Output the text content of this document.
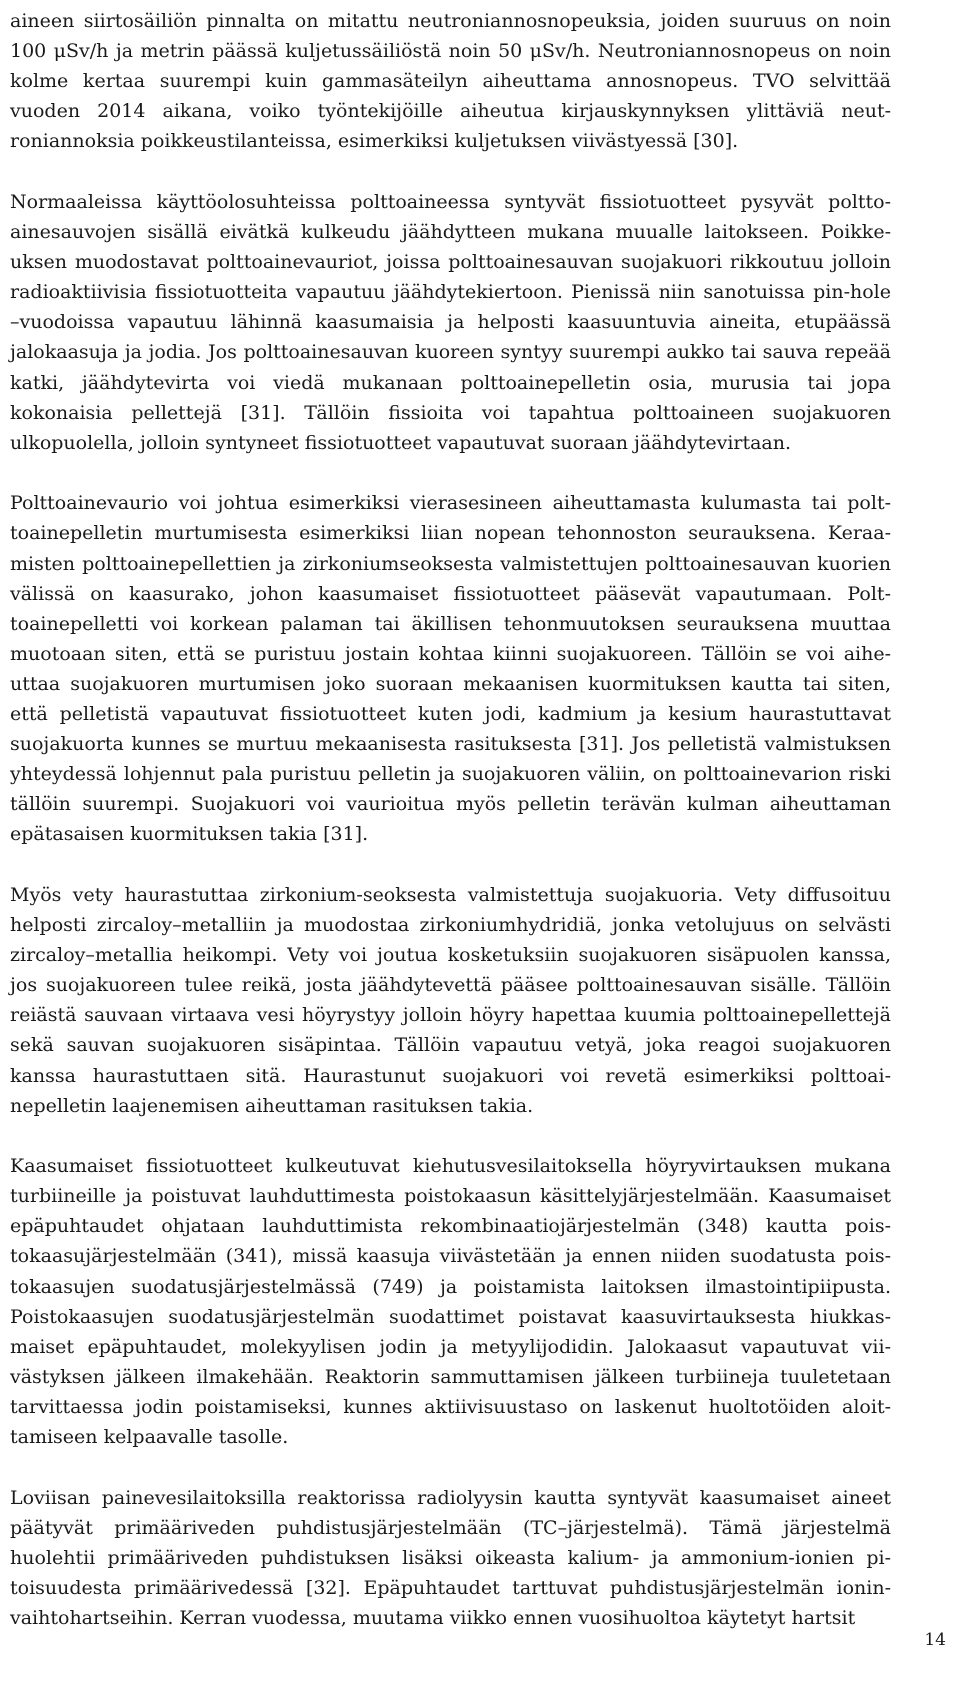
aineen siirtosäiliön pinnalta on mitattu neutroniannosnopeuksia, joiden suuruus on noin 100 μSv/h ja metrin päässä kuljetussäiliöstä noin 50 μSv/h. Neutroniannosnopeus on noin kolme kertaa suurempi kuin gammasäteilyn aiheuttama annosnopeus. TVO selvittää vuoden 2014 aikana, voiko työntekijöille aiheutua kirjauskynnyksen ylittäviä neutroniannoksia poikkeustilanteissa, esimerkiksi kuljetuksen viivästyessä [30].

Normaaleissa käyttöolosuhteissa polttoaineessa syntyvät fissiotuotteet pysyvät polttoainesauvojen sisällä eivätkä kulkeudu jäähdytteen mukana muualle laitokseen. Poikkeuksen muodostavat polttoainevauriot, joissa polttoainesauvan suojakuori rikkoutuu jolloin radioaktiivisia fissiotuotteita vapautuu jäähdytekiertoon. Pienissä niin sanotuissa pin-hole –vuodoissa vapautuu lähinnä kaasumaisia ja helposti kaasuuntuvia aineita, etupäässä jalokaasuja ja jodia. Jos polttoainesauvan kuoreen syntyy suurempi aukko tai sauva repeää katki, jäähdytevirta voi viedä mukanaan polttoainepelletin osia, murusia tai jopa kokonaisia pellettejä [31]. Tällöin fissioita voi tapahtua polttoaineen suojakuoren ulkopuolella, jolloin syntyneet fissiotuotteet vapautuvat suoraan jäähdytevirtaan.

Polttoainevaurio voi johtua esimerkiksi vierasesineen aiheuttamasta kulumasta tai polttoainepelletin murtumisesta esimerkiksi liian nopean tehonnoston seurauksena. Keraamisten polttoainepellettien ja zirkoniumseoksesta valmistettujen polttoainesauvan kuorien välissä on kaasurako, johon kaasumaiset fissiotuotteet pääsevät vapautumaan. Polttoainepelletti voi korkean palaman tai äkillisen tehonmuutoksen seurauksena muuttaa muotoaan siten, että se puristuu jostain kohtaa kiinni suojakuoreen. Tällöin se voi aiheuttaa suojakuoren murtumisen joko suoraan mekaanisen kuormituksen kautta tai siten, että pelletistä vapautuvat fissiotuotteet kuten jodi, kadmium ja kesium haurastuttavat suojakuorta kunnes se murtuu mekaanisesta rasituksesta [31]. Jos pelletistä valmistuksen yhteydessä lohjennut pala puristuu pelletin ja suojakuoren väliin, on polttoainevarion riski tällöin suurempi. Suojakuori voi vaurioitua myös pelletin terävän kulman aiheuttaman epätasaisen kuormituksen takia [31].

Myös vety haurastuttaa zirkonium-seoksesta valmistettuja suojakuoria. Vety diffusoituu helposti zircaloy–metalliin ja muodostaa zirkoniumhydridiä, jonka vetolujuus on selvästi zircaloy–metallia heikompi. Vety voi joutua kosketuksiin suojakuoren sisäpuolen kanssa, jos suojakuoreen tulee reikä, josta jäähdytevettä pääsee polttoainesauvan sisälle. Tällöin reiästä sauvaan virtaava vesi höyrystyy jolloin höyry hapettaa kuumia polttoainepellettejä sekä sauvan suojakuoren sisäpintaa. Tällöin vapautuu vetyä, joka reagoi suojakuoren kanssa haurastuttaen sitä. Haurastunut suojakuori voi revetä esimerkiksi polttoainepelletin laajenemisen aiheuttaman rasituksen takia.

Kaasumaiset fissiotuotteet kulkeutuvat kiehutusvesilaitoksella höyryvirtauksen mukana turbiineille ja poistuvat lauhduttimesta poistokaasun käsittelyjärjestelmään. Kaasumaiset epäpuhtaudet ohjataan lauhduttimista rekombinaatiojärjestelmän (348) kautta poistokaasujärjestelmään (341), missä kaasuja viivästetään ja ennen niiden suodatusta poistokaasujen suodatusjärjestelmässä (749) ja poistamista laitoksen ilmastointipiipusta. Poistokaasujen suodatusjärjestelmän suodattimet poistavat kaasuvirtauksesta hiukkasmaiset epäpuhtaudet, molekyylisen jodin ja metyylijodidin. Jalokaasut vapautuvat viivästyksen jälkeen ilmakehään. Reaktorin sammuttamisen jälkeen turbiineja tuuletetaan tarvittaessa jodin poistamiseksi, kunnes aktiivisuustaso on laskenut huoltotöiden aloittamiseen kelpaavalle tasolle.

Loviisan painevesilaitoksilla reaktorissa radiolyysin kautta syntyvät kaasumaiset aineet päätyvät primääriveden puhdistusjärjestelmään (TC–järjestelmä). Tämä järjestelmä huolehtii primääriveden puhdistuksen lisäksi oikeasta kalium- ja ammonium-ionien pitoisuudesta primäärivedessä [32]. Epäpuhtaudet tarttuvat puhdistusjärjestelmän ioninvaihtohartseihin. Kerran vuodessa, muutama viikko ennen vuosihuoltoa käytetyt hartsit

14
